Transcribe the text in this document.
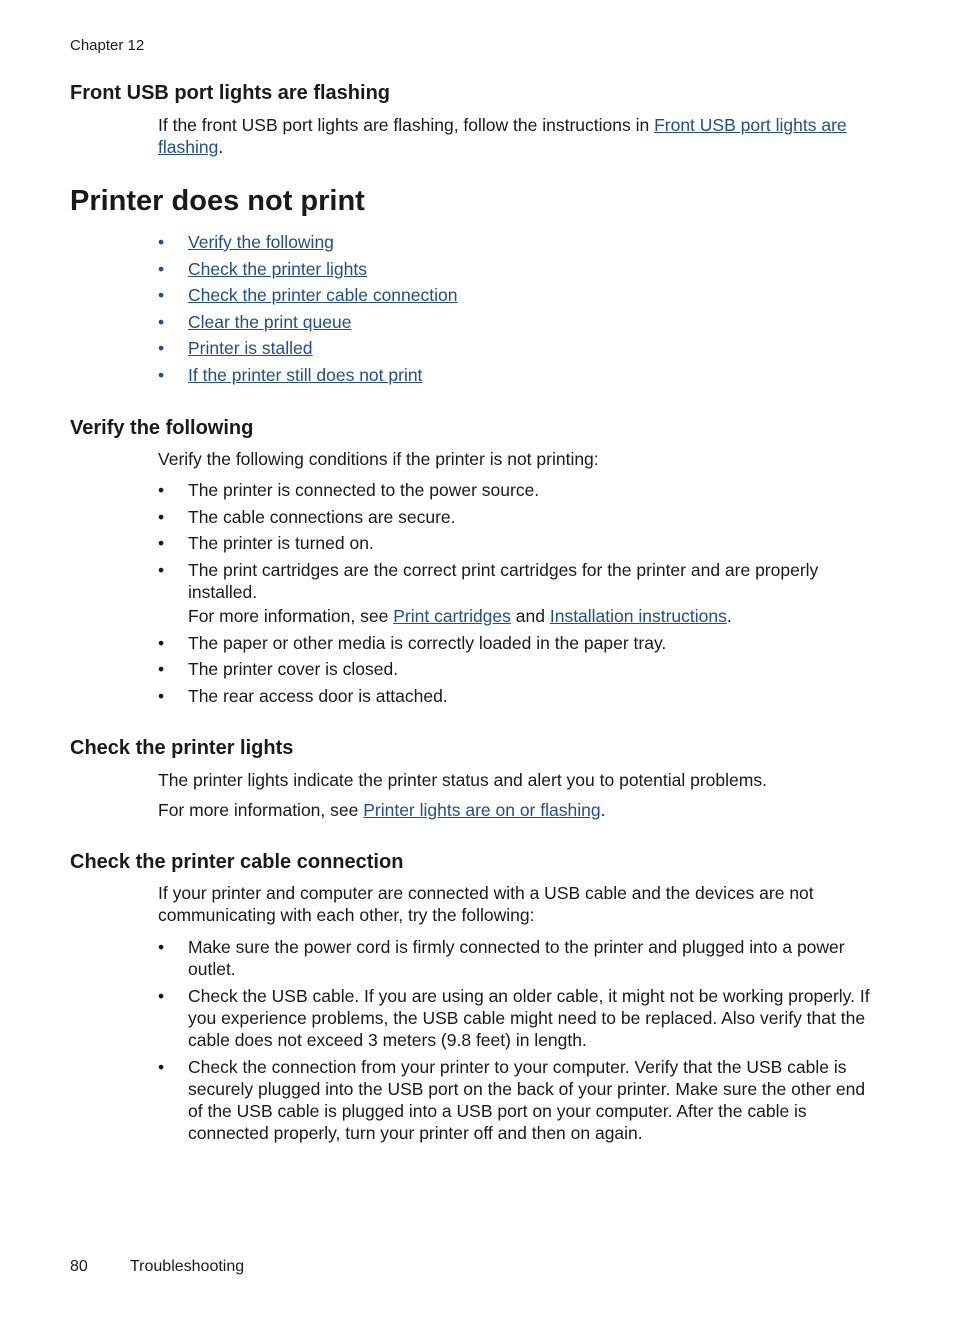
Chapter 12
Front USB port lights are flashing
If the front USB port lights are flashing, follow the instructions in Front USB port lights are
flashing.
Printer does not print
• Verify the following
• Check the printer lights
• Check the printer cable connection
• Clear the print queue
• Printer is stalled
• If the printer still does not print
Verify the following
Verify the following conditions if the printer is not printing:
• The printer is connected to the power source.
• The cable connections are secure.
• The printer is turned on.
• The print cartridges are the correct print cartridges for the printer and are properly installed.
For more information, see Print cartridges and Installation instructions.
• The paper or other media is correctly loaded in the paper tray.
• The printer cover is closed.
• The rear access door is attached.
Check the printer lights
The printer lights indicate the printer status and alert you to potential problems.
For more information, see Printer lights are on or flashing.
Check the printer cable connection
If your printer and computer are connected with a USB cable and the devices are not communicating with each other, try the following:
• Make sure the power cord is firmly connected to the printer and plugged into a power outlet.
• Check the USB cable. If you are using an older cable, it might not be working properly. If you experience problems, the USB cable might need to be replaced. Also verify that the cable does not exceed 3 meters (9.8 feet) in length.
• Check the connection from your printer to your computer. Verify that the USB cable is securely plugged into the USB port on the back of your printer. Make sure the other end of the USB cable is plugged into a USB port on your computer. After the cable is connected properly, turn your printer off and then on again.
80	Troubleshooting
